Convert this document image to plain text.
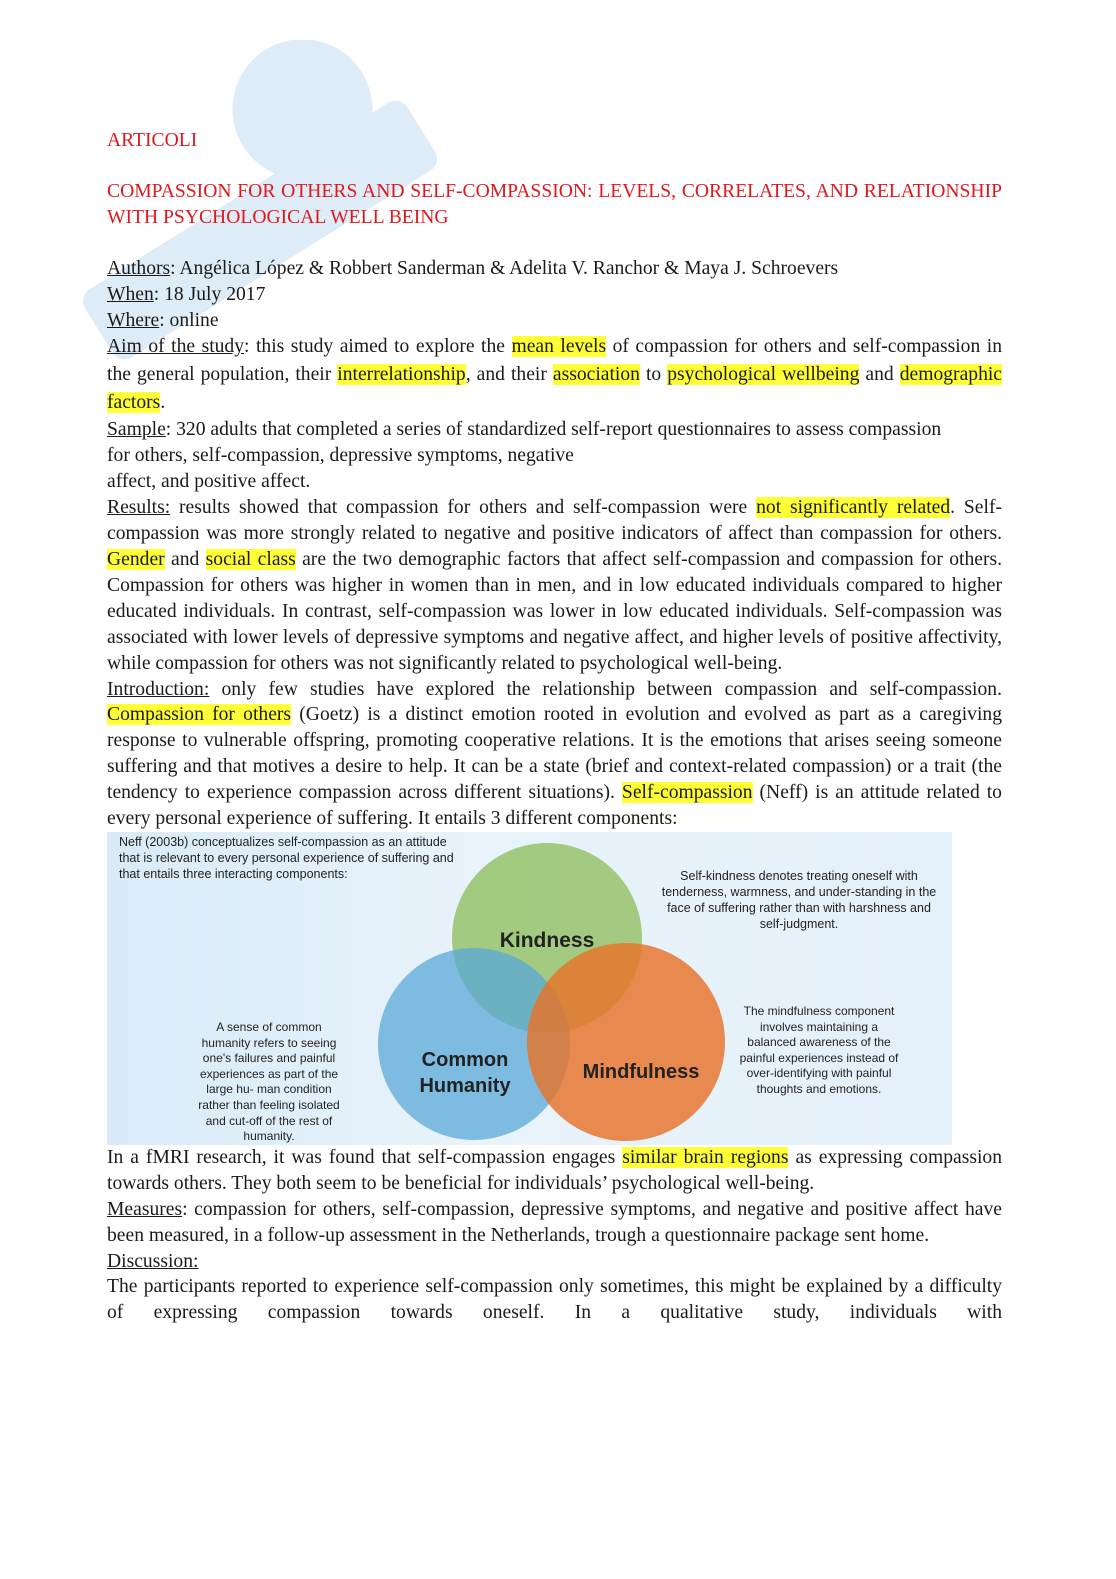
ARTICOLI
COMPASSION FOR OTHERS AND SELF-COMPASSION: LEVELS, CORRELATES, AND RELATIONSHIP WITH PSYCHOLOGICAL WELL BEING

Authors: Angélica López & Robbert Sanderman & Adelita V. Ranchor & Maya J. Schroevers

When: 18 July 2017

Where: online

Aim of the study: this study aimed to explore the mean levels of compassion for others and self-compassion in the general population, their interrelationship, and their association to psychological wellbeing and demographic factors.

Sample: 320 adults that completed a series of standardized self-report questionnaires to assess compassion

for others, self-compassion, depressive symptoms, negative

affect, and positive affect.

Results: results showed that compassion for others and self-compassion were not significantly related. Self-compassion was more strongly related to negative and positive indicators of affect than compassion for others. Gender and social class are the two demographic factors that affect self-compassion and compassion for others. Compassion for others was higher in women than in men, and in low educated individuals compared to higher educated individuals. In contrast, self-compassion was lower in low educated individuals. Self-compassion was associated with lower levels of depressive symptoms and negative affect, and higher levels of positive affectivity, while compassion for others was not significantly related to psychological well-being.

Introduction: only few studies have explored the relationship between compassion and self-compassion. Compassion for others (Goetz) is a distinct emotion rooted in evolution and evolved as part as a caregiving response to vulnerable offspring, promoting cooperative relations. It is the emotions that arises seeing someone suffering and that motives a desire to help. It can be a state (brief and context-related compassion) or a trait (the tendency to experience compassion across different situations). Self-compassion (Neff) is an attitude related to every personal experience of suffering. It entails 3 different components:

Neff (2003b) conceptualizes self-compassion as an attitude that is relevant to every personal experience of suffering and that entails three interacting components:	Self-kindness denotes treating oneself with tenderness, warmness, and under-standing in the face of suffering rather than with harshness and self-judgment.
A sense of common humanity refers to seeing one's failures and painful experiences as part of the large hu- man condition rather than feeling isolated and cut-off of the rest of humanity.
The mindfulness component involves maintaining a balanced awareness of the painful experiences instead of over-identifying with painful thoughts and emotions.
Kindness
Common
Humanity
Mindfulness

In a fMRI research, it was found that self-compassion engages similar brain regions as expressing compassion towards others. They both seem to be beneficial for individuals’ psychological well-being.

Measures: compassion for others, self-compassion, depressive symptoms, and negative and positive affect have been measured, in a follow-up assessment in the Netherlands, trough a questionnaire package sent home.

Discussion:

The participants reported to experience self-compassion only sometimes, this might be explained by a difficulty of expressing compassion towards oneself. In a qualitative study, individuals with
